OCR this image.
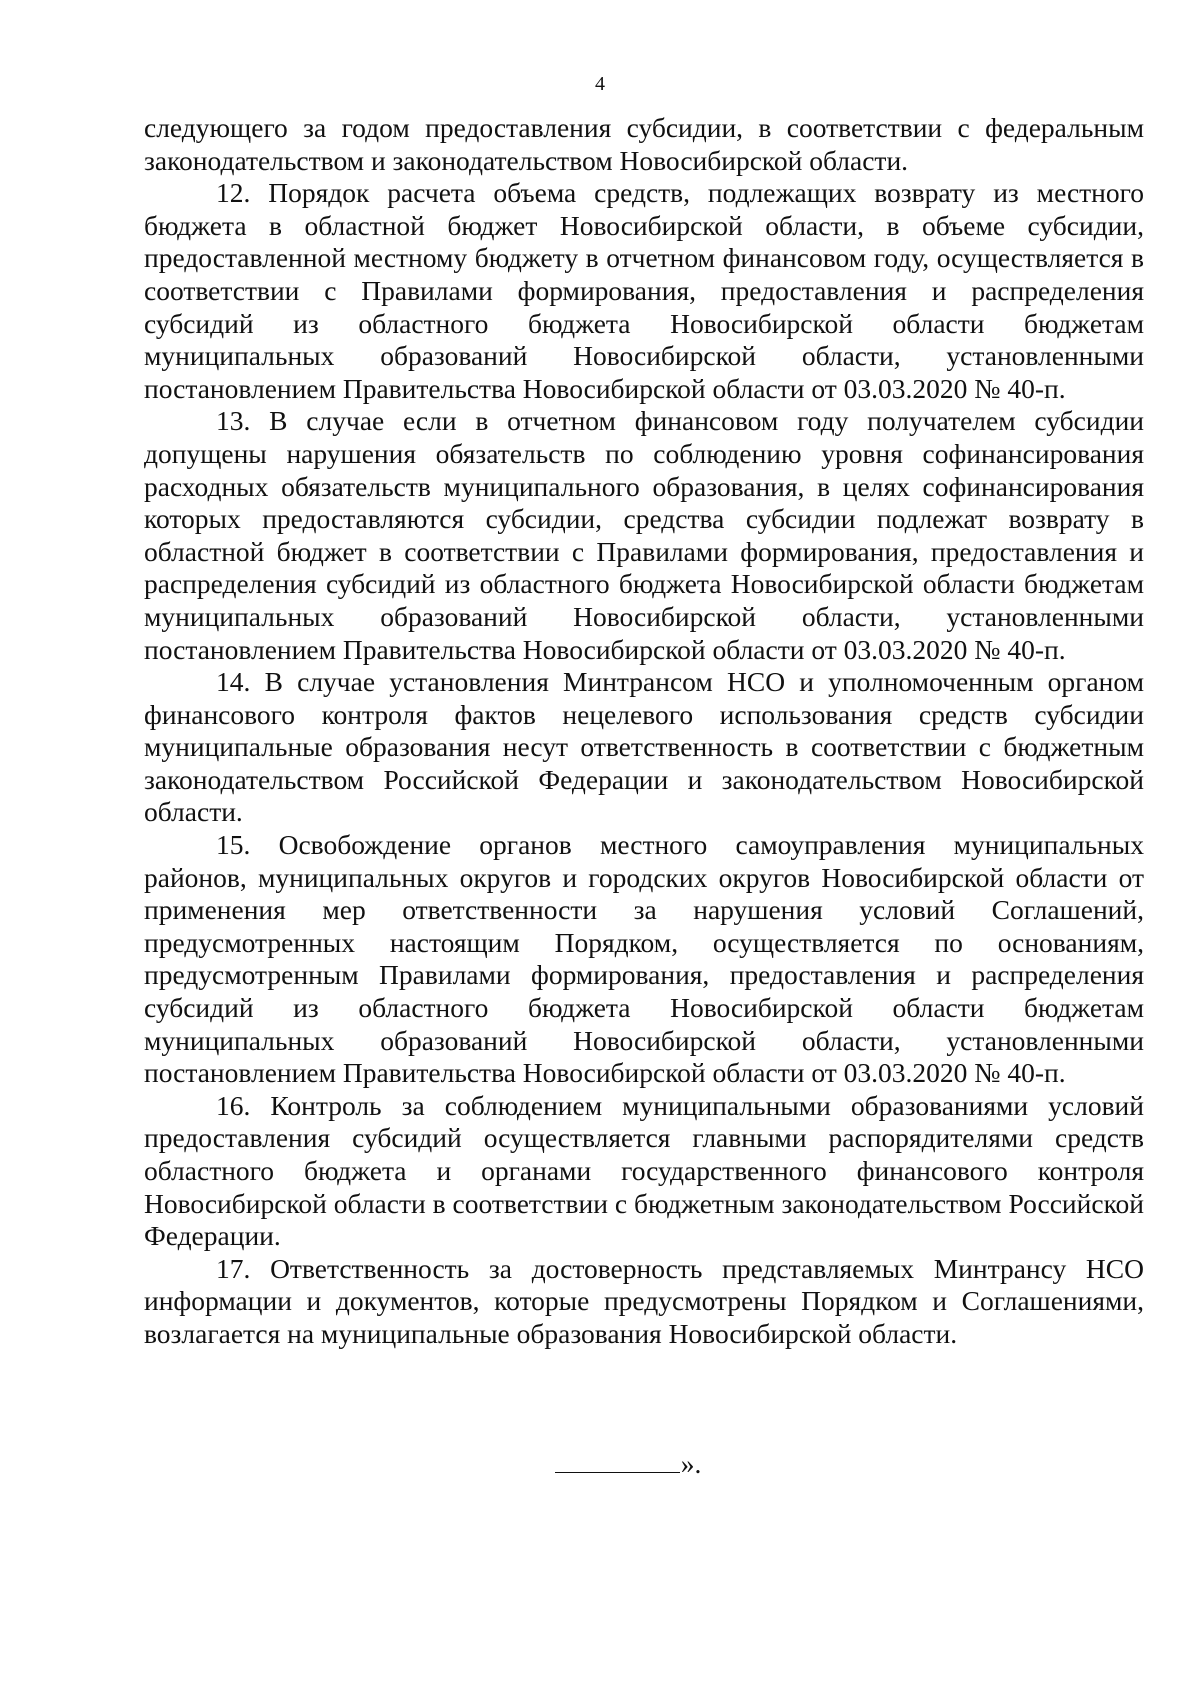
4

следующего за годом предоставления субсидии, в соответствии с федеральным законодательством и законодательством Новосибирской области.

12. Порядок расчета объема средств, подлежащих возврату из местного бюджета в областной бюджет Новосибирской области, в объеме субсидии, предоставленной местному бюджету в отчетном финансовом году, осуществляется в соответствии с Правилами формирования, предоставления и распределения субсидий из областного бюджета Новосибирской области бюджетам муниципальных образований Новосибирской области, установленными постановлением Правительства Новосибирской области от 03.03.2020 № 40-п.

13. В случае если в отчетном финансовом году получателем субсидии допущены нарушения обязательств по соблюдению уровня софинансирования расходных обязательств муниципального образования, в целях софинансирования которых предоставляются субсидии, средства субсидии подлежат возврату в областной бюджет в соответствии с Правилами формирования, предоставления и распределения субсидий из областного бюджета Новосибирской области бюджетам муниципальных образований Новосибирской области, установленными постановлением Правительства Новосибирской области от 03.03.2020 № 40-п.

14. В случае установления Минтрансом НСО и уполномоченным органом финансового контроля фактов нецелевого использования средств субсидии муниципальные образования несут ответственность в соответствии с бюджетным законодательством Российской Федерации и законодательством Новосибирской области.

15. Освобождение органов местного самоуправления муниципальных районов, муниципальных округов и городских округов Новосибирской области от применения мер ответственности за нарушения условий Соглашений, предусмотренных настоящим Порядком, осуществляется по основаниям, предусмотренным Правилами формирования, предоставления и распределения субсидий из областного бюджета Новосибирской области бюджетам муниципальных образований Новосибирской области, установленными постановлением Правительства Новосибирской области от 03.03.2020 № 40-п.

16. Контроль за соблюдением муниципальными образованиями условий предоставления субсидий осуществляется главными распорядителями средств областного бюджета и органами государственного финансового контроля Новосибирской области в соответствии с бюджетным законодательством Российской Федерации.

17. Ответственность за достоверность представляемых Минтрансу НСО информации и документов, которые предусмотрены Порядком и Соглашениями, возлагается на муниципальные образования Новосибирской области.

».
